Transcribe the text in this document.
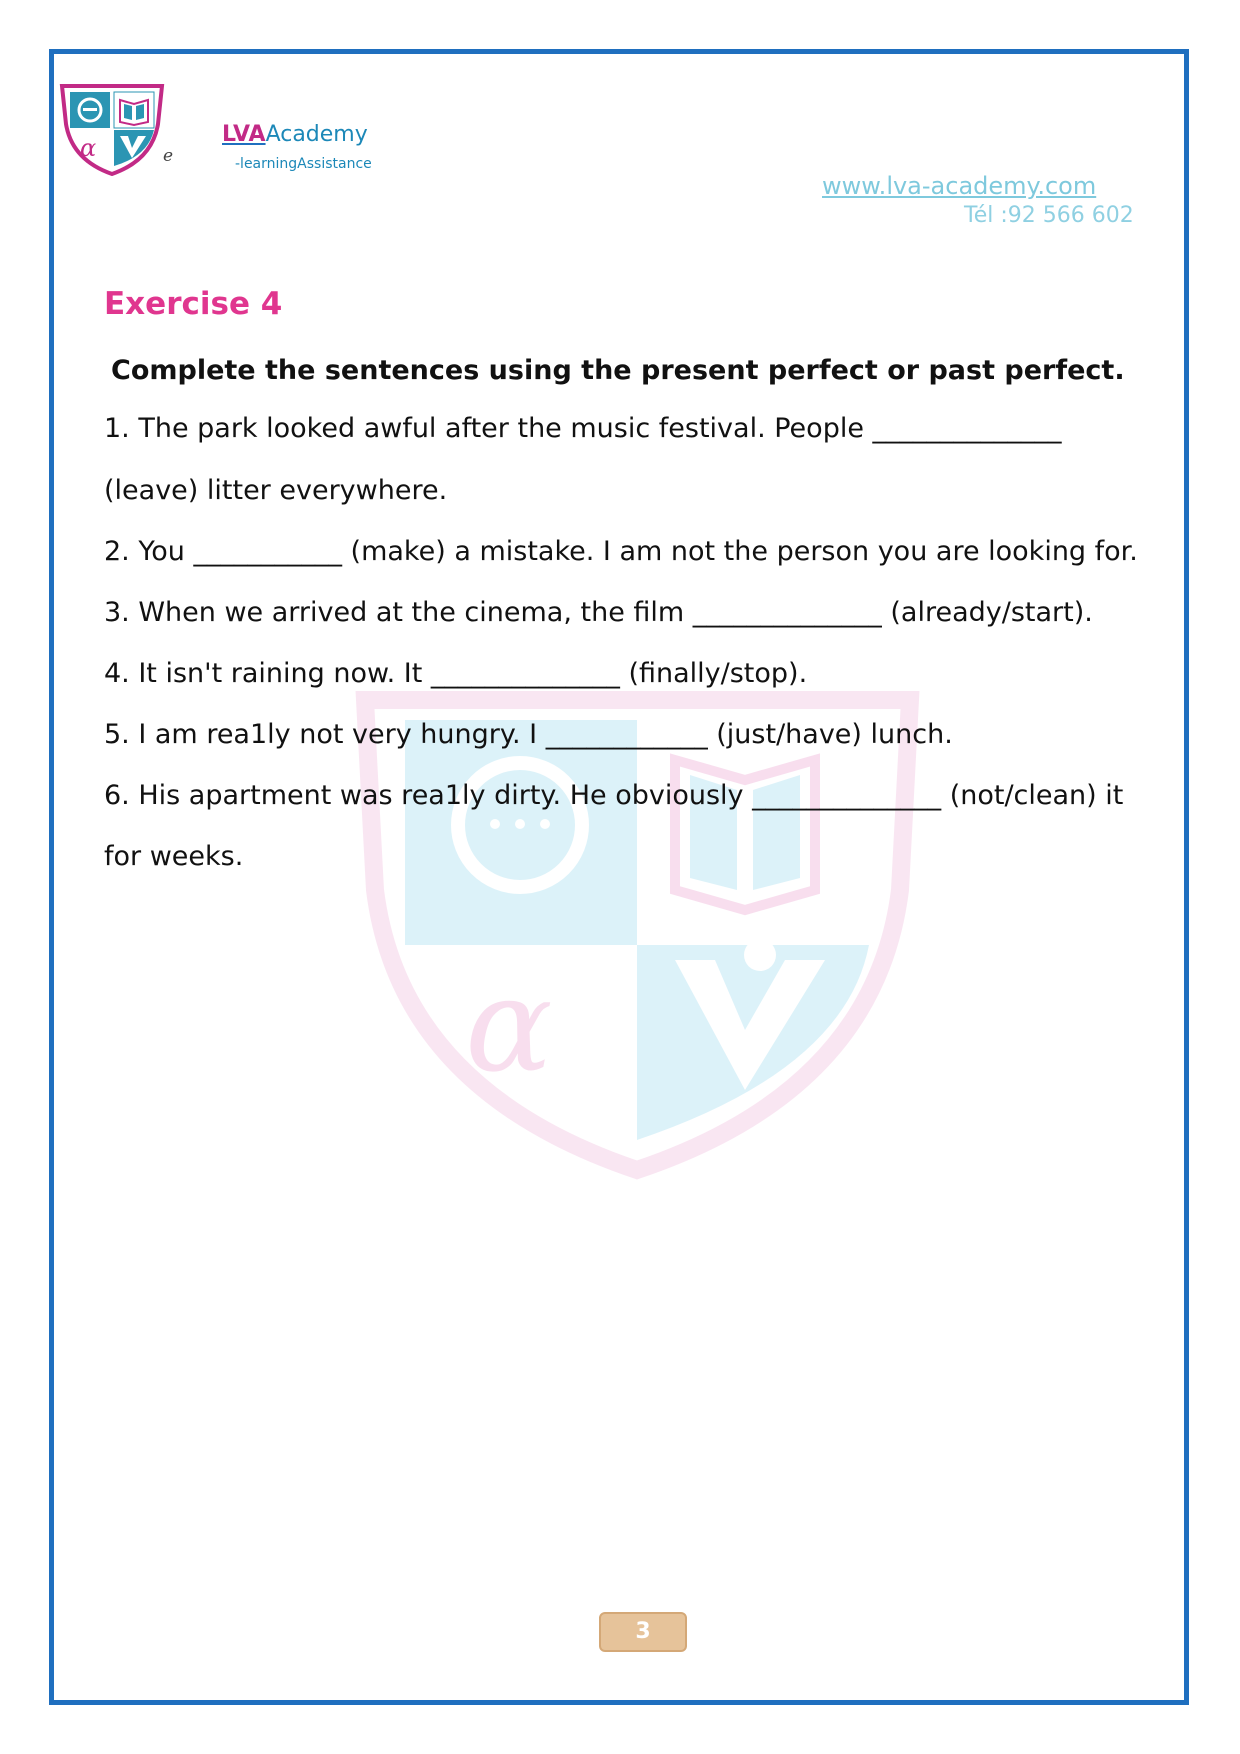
α	e
LVAAcademy
-learningAssistance
www.lva-academy.com
Tél :92 566 602
α
Exercise 4
Complete the sentences using the present perfect or past perfect.
1. The park looked awful after the music festival. People ______________
(leave) litter everywhere.
2. You ___________ (make) a mistake. I am not the person you are looking for.
3. When we arrived at the cinema, the film ______________ (already/start).
4. It isn't raining now. It ______________ (finally/stop).
5. I am rea1ly not very hungry. I ____________ (just/have) lunch.
6. His apartment was rea1ly dirty. He obviously ______________ (not/clean) it
for weeks.
3
